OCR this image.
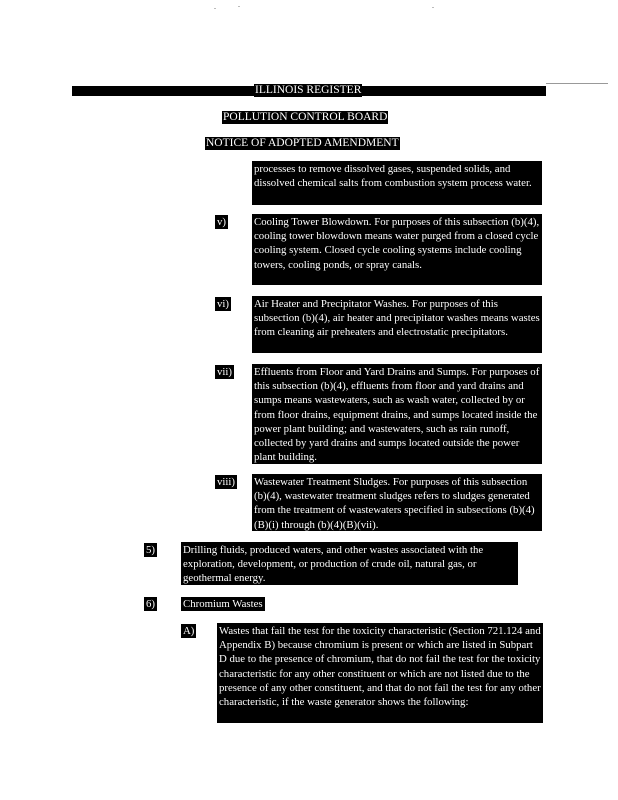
ILLINOIS REGISTER
POLLUTION CONTROL BOARD
NOTICE OF ADOPTED AMENDMENT
processes to remove dissolved gases, suspended solids, and dissolved chemical salts from combustion system process water.
v)	Cooling Tower Blowdown. For purposes of this subsection (b)(4), cooling tower blowdown means water purged from a closed cycle cooling system. Closed cycle cooling systems include cooling towers, cooling ponds, or spray canals.
vi) Air Heater and Precipitator Washes. For purposes of this subsection (b)(4), air heater and precipitator washes means wastes from cleaning air preheaters and electrostatic precipitators.
vii) Effluents from Floor and Yard Drains and Sumps. For purposes of this subsection (b)(4), effluents from floor and yard drains and sumps means wastewaters, such as wash water, collected by or from floor drains, equipment drains, and sumps located inside the power plant building; and wastewaters, such as rain runoff, collected by yard drains and sumps located outside the power plant building.
viii) Wastewater Treatment Sludges. For purposes of this subsection (b)(4), wastewater treatment sludges refers to sludges generated from the treatment of wastewaters specified in subsections (b)(4)(B)(i) through (b)(4)(B)(vii).
5)	Drilling fluids, produced waters, and other wastes associated with the exploration, development, or production of crude oil, natural gas, or geothermal energy.
6)	Chromium Wastes
A) Wastes that fail the test for the toxicity characteristic (Section 721.124 and Appendix B) because chromium is present or which are listed in Subpart D due to the presence of chromium, that do not fail the test for the toxicity characteristic for any other constituent or which are not listed due to the presence of any other constituent, and that do not fail the test for any other characteristic, if the waste generator shows the following:
